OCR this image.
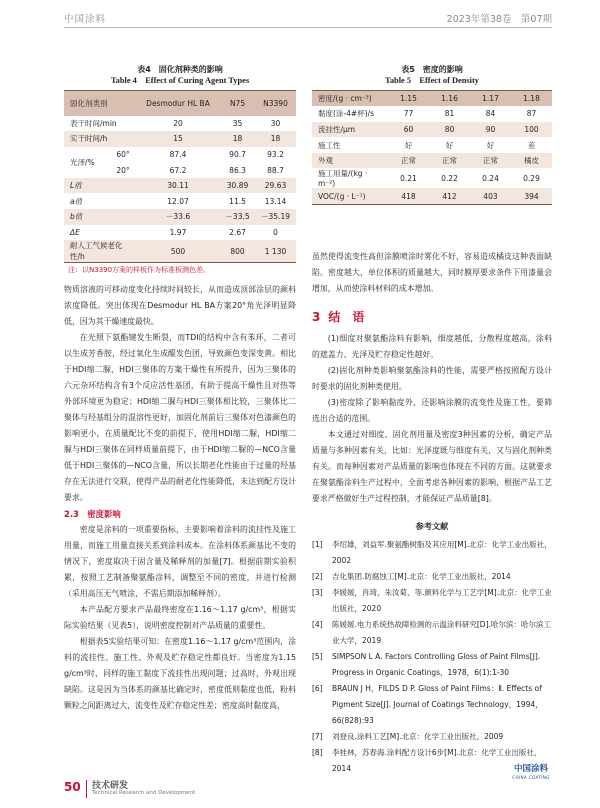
中国涂料	2023年第38卷　第07期
表4　固化剂种类的影响
Table 4　Effect of Curing Agent Types
固化剂类别		Desmodur HL BA	N75	N3390
表干时间/min		20	35	30
实干时间/h		15	18	18
光泽/%	60°	87.4	90.7	93.2
	20°	67.2	86.3	88.7
L值		30.11	30.89	29.63
a值		12.07	11.5	13.14
b值		－33.6	－33.5	－35.19
ΔE		1.97	2.67	0
耐人工气候老化性/h		500	800	1 130
注：以N3390方案的样板作为标准板测色差。

物质溶液的可移动度变化持续时间较长，从而造成顶部涂层的颜料浓度降低。突出体现在Desmodur HL BA方案20°角光泽明显降低，因为其干燥速度最快。

在光照下氨酯键发生断裂，而TDI的结构中含有苯环，二者可以生成芳香胺，经过氧化生成醌发色团，导致颜色变深变黄。相比于HDI缩二脲，HDI三聚体的方案干燥性有所提升，因为三聚体的六元杂环结构含有3个反应活性基团，有助于提高干燥性且对热等外部环境更为稳定；HDI缩二脲与HDI三聚体相比较，三聚体比二聚体与羟基组分的混溶性更好，加固化剂前后三聚体对色漆颜色的影响更小，在质量配比不变的前提下，使用HDI缩二脲，HDI缩二脲与HDI三聚体在同样质量前提下，由于HDI缩二脲的—NCO含量低于HDI三聚体的—NCO含量，所以长期老化性能由于过量的羟基存在无法进行交联，使得产品的耐老化性能降低，未达到配方设计要求。

2.3　密度影响

密度是涂料的一项重要指标，主要影响着涂料的流挂性及施工用量，而施工用量直接关系到涂料成本。在涂料体系颜基比不变的情况下，密度取决于固含量及稀释剂的加量[7]。根据前期实验积累，按照工艺制备聚氨酯涂料，调整至不同的密度，并进行检测（采用高压无气喷涂，不需后期添加稀释剂）。

本产品配方要求产品最终密度在1.16～1.17 g/cm³，根据实际实验结果（见表5），说明密度控制对产品质量的重要性。

根据表5实验结果可知：在密度1.16～1.17 g/cm³范围内，涂料的流挂性、施工性、外观及贮存稳定性都良好。当密度为1.15 g/cm³时，同样的施工黏度下流挂性出现问题；过高时，外观出现缺陷。这是因为当体系的颜基比确定时，密度低则黏度也低，粉料颗粒之间距离过大，流变性及贮存稳定性差；密度高时黏度高，

表5　密度的影响
Table 5　Effect of Density
密度/(g · cm⁻³)	1.15	1.16	1.17	1.18
黏度(涂-4#杯)/s	77	81	84	87
流挂性/μm	60	80	90	100
施工性	好	好	好	差
外观	正常	正常	正常	橘皮
施工用量/(kg · m⁻²)	0.21	0.22	0.24	0.29
VOC/(g · L⁻¹)	418	412	403	394

虽然使得流变性高但涂膜喷涂时雾化不好，容易造成橘皮这种表面缺陷。密度越大，单位体积的质量越大，同时膜厚要求条件下用漆量会增加，从而使涂料材料的成本增加。

3 结　语

(1)细度对聚氨酯涂料有影响，细度越低，分散程度越高，涂料的遮盖力、光泽及贮存稳定性越好。

(2)固化剂种类影响聚氨酯涂料的性能，需要严格按照配方设计时要求的固化剂种类使用。

(3)密度除了影响黏度外，还影响涂膜的流变性及施工性，要筛选出合适的范围。

本文通过对细度、固化剂用量及密度3种因素的分析，确定产品质量与多种因素有关，比如：光泽度既与细度有关，又与固化剂种类有关。而每种因素对产品质量的影响也体现在不同的方面。这就要求在聚氨酯涂料生产过程中，全面考虑各种因素的影响，根据产品工艺要求严格做好生产过程控制，才能保证产品质量[8]。

参考文献
[1] 李绍雄，刘益军.聚氨酯树脂及其应用[M].北京：化学工业出版社，2002
[2] 吉化集团.防腐蚀工[M].北京：化学工业出版社，2014
[3] 李媛媛，肖琦，朱汝菊，等.颜料化学与工艺学[M].北京：化学工业出版社，2020
[4] 陈媛媛.电力系统热故障检测的示温涂料研究[D].哈尔滨：哈尔滨工业大学，2019
[5] SIMPSON L A. Factors Controlling Gloss of Paint Films[J]. Progress in Organic Coatings，1978，6(1):1-30
[6] BRAUN J H，FILDS D P. Gloss of Paint Films：Ⅱ. Effects of Pigment Size[J]. Journal of Coatings Technology，1994，66(828):93
[7] 刘登良.涂料工艺[M].北京：化学工业出版社，2009
[8] 李桂林，苏春海.涂料配方设计6步[M].北京：化学工业出版社，2014	中国涂料
CHINA COATING
50 技术研发
Technical Research and Development
